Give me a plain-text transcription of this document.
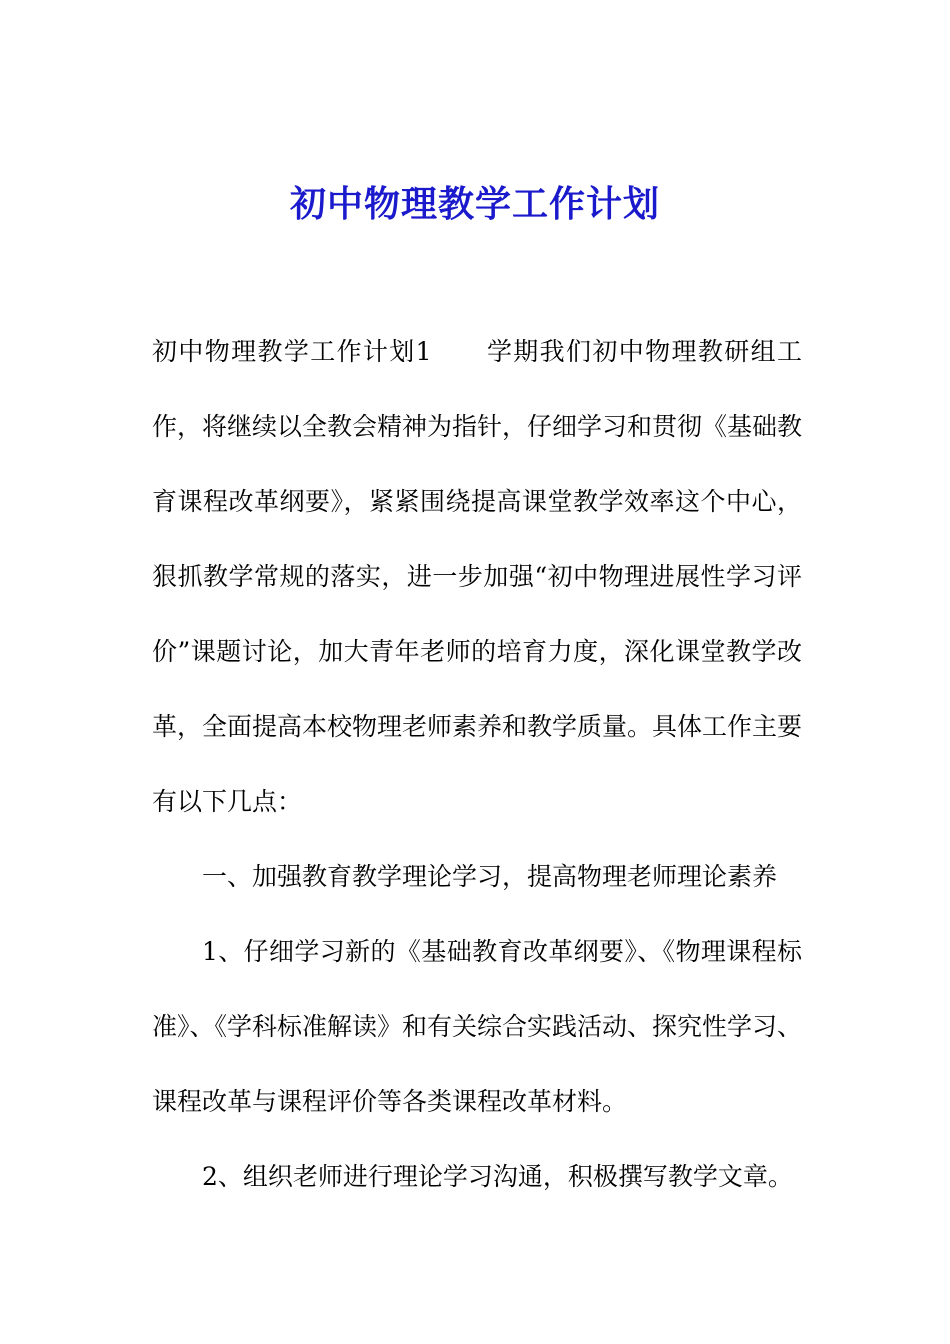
初中物理教学工作计划

初中物理教学工作计划1 学期我们初中物理教研组工作，将继续以全教会精神为指针，仔细学习和贯彻《基础教育课程改革纲要》，紧紧围绕提高课堂教学效率这个中心，狠抓教学常规的落实，进一步加强“初中物理进展性学习评价”课题讨论，加大青年老师的培育力度，深化课堂教学改革，全面提高本校物理老师素养和教学质量。具体工作主要有以下几点：

一、加强教育教学理论学习，提高物理老师理论素养

1、仔细学习新的《基础教育改革纲要》、《物理课程标准》、《学科标准解读》和有关综合实践活动、探究性学习、课程改革与课程评价等各类课程改革材料。

2、组织老师进行理论学习沟通，积极撰写教学文章。
